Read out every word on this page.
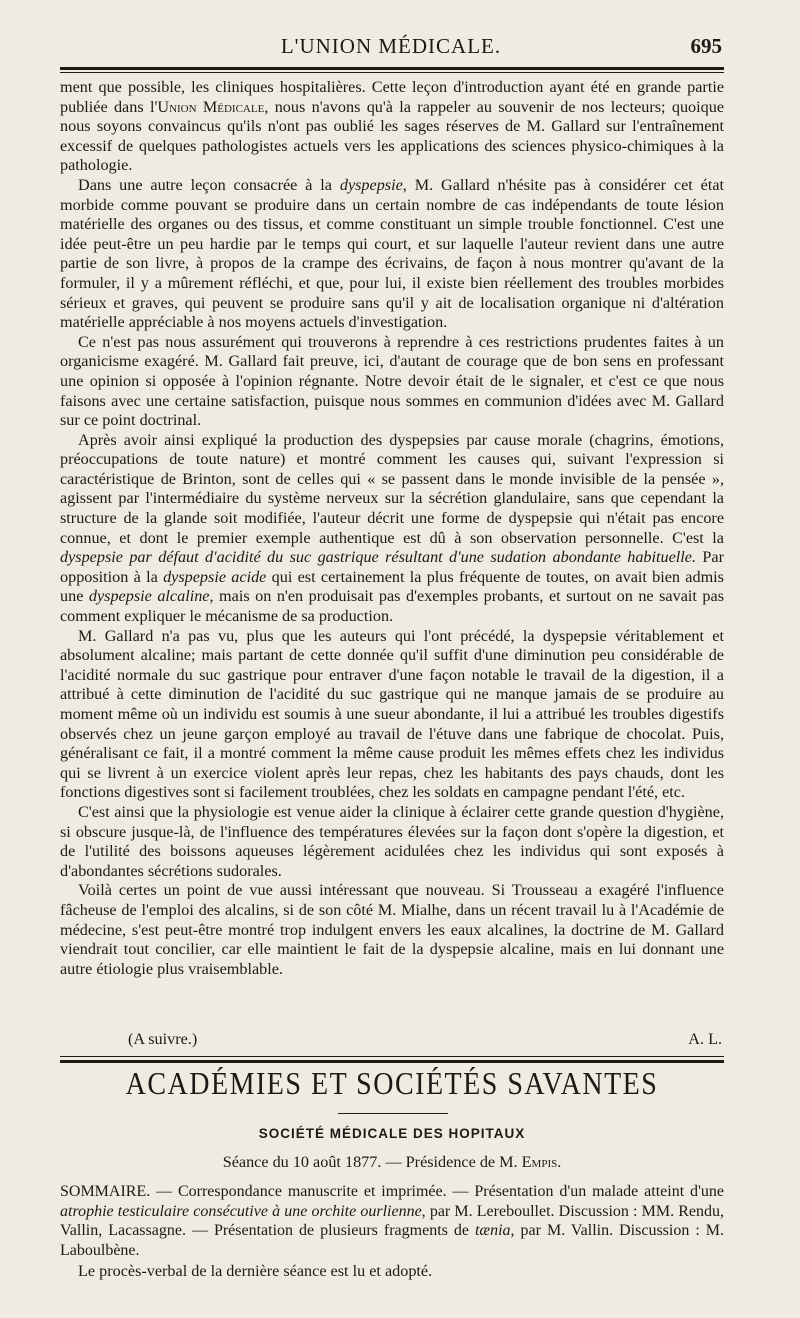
L'UNION MÉDICALE.	695

ment que possible, les cliniques hospitalières. Cette leçon d'introduction ayant été en grande partie publiée dans l'Union Médicale, nous n'avons qu'à la rappeler au souvenir de nos lecteurs; quoique nous soyons convaincus qu'ils n'ont pas oublié les sages réserves de M. Gallard sur l'entraînement excessif de quelques pathologistes actuels vers les applications des sciences physico-chimiques à la pathologie.

Dans une autre leçon consacrée à la dyspepsie, M. Gallard n'hésite pas à considérer cet état morbide comme pouvant se produire dans un certain nombre de cas indépendants de toute lésion matérielle des organes ou des tissus, et comme constituant un simple trouble fonctionnel. C'est une idée peut-être un peu hardie par le temps qui court, et sur laquelle l'auteur revient dans une autre partie de son livre, à propos de la crampe des écrivains, de façon à nous montrer qu'avant de la formuler, il y a mûrement réfléchi, et que, pour lui, il existe bien réellement des troubles morbides sérieux et graves, qui peuvent se produire sans qu'il y ait de localisation organique ni d'altération matérielle appréciable à nos moyens actuels d'investigation.

Ce n'est pas nous assurément qui trouverons à reprendre à ces restrictions prudentes faites à un organicisme exagéré. M. Gallard fait preuve, ici, d'autant de courage que de bon sens en professant une opinion si opposée à l'opinion régnante. Notre devoir était de le signaler, et c'est ce que nous faisons avec une certaine satisfaction, puisque nous sommes en communion d'idées avec M. Gallard sur ce point doctrinal.

Après avoir ainsi expliqué la production des dyspepsies par cause morale (chagrins, émotions, préoccupations de toute nature) et montré comment les causes qui, suivant l'expression si caractéristique de Brinton, sont de celles qui « se passent dans le monde invisible de la pensée », agissent par l'intermédiaire du système nerveux sur la sécrétion glandulaire, sans que cependant la structure de la glande soit modifiée, l'auteur décrit une forme de dyspepsie qui n'était pas encore connue, et dont le premier exemple authentique est dû à son observation personnelle. C'est la dyspepsie par défaut d'acidité du suc gastrique résultant d'une sudation abondante habituelle. Par opposition à la dyspepsie acide qui est certainement la plus fréquente de toutes, on avait bien admis une dyspepsie alcaline, mais on n'en produisait pas d'exemples probants, et surtout on ne savait pas comment expliquer le mécanisme de sa production.

M. Gallard n'a pas vu, plus que les auteurs qui l'ont précédé, la dyspepsie véritablement et absolument alcaline; mais partant de cette donnée qu'il suffit d'une diminution peu considérable de l'acidité normale du suc gastrique pour entraver d'une façon notable le travail de la digestion, il a attribué à cette diminution de l'acidité du suc gastrique qui ne manque jamais de se produire au moment même où un individu est soumis à une sueur abondante, il lui a attribué les troubles digestifs observés chez un jeune garçon employé au travail de l'étuve dans une fabrique de chocolat. Puis, généralisant ce fait, il a montré comment la même cause produit les mêmes effets chez les individus qui se livrent à un exercice violent après leur repas, chez les habitants des pays chauds, dont les fonctions digestives sont si facilement troublées, chez les soldats en campagne pendant l'été, etc.

C'est ainsi que la physiologie est venue aider la clinique à éclairer cette grande question d'hygiène, si obscure jusque-là, de l'influence des températures élevées sur la façon dont s'opère la digestion, et de l'utilité des boissons aqueuses légèrement acidulées chez les individus qui sont exposés à d'abondantes sécrétions sudorales.

Voilà certes un point de vue aussi intéressant que nouveau. Si Trousseau a exagéré l'influence fâcheuse de l'emploi des alcalins, si de son côté M. Mialhe, dans un récent travail lu à l'Académie de médecine, s'est peut-être montré trop indulgent envers les eaux alcalines, la doctrine de M. Gallard viendrait tout concilier, car elle maintient le fait de la dyspepsie alcaline, mais en lui donnant une autre étiologie plus vraisemblable.

(A suivre.)	A. L.
ACADÉMIES ET SOCIÉTÉS SAVANTES
SOCIÉTÉ MÉDICALE DES HOPITAUX
Séance du 10 août 1877. — Présidence de M. Empis.
SOMMAIRE. — Correspondance manuscrite et imprimée. — Présentation d'un malade atteint d'une atrophie testiculaire consécutive à une orchite ourlienne, par M. Lereboullet. Discussion : MM. Rendu, Vallin, Lacassagne. — Présentation de plusieurs fragments de tænia, par M. Vallin. Discussion : M. Laboulbène.
Le procès-verbal de la dernière séance est lu et adopté.
